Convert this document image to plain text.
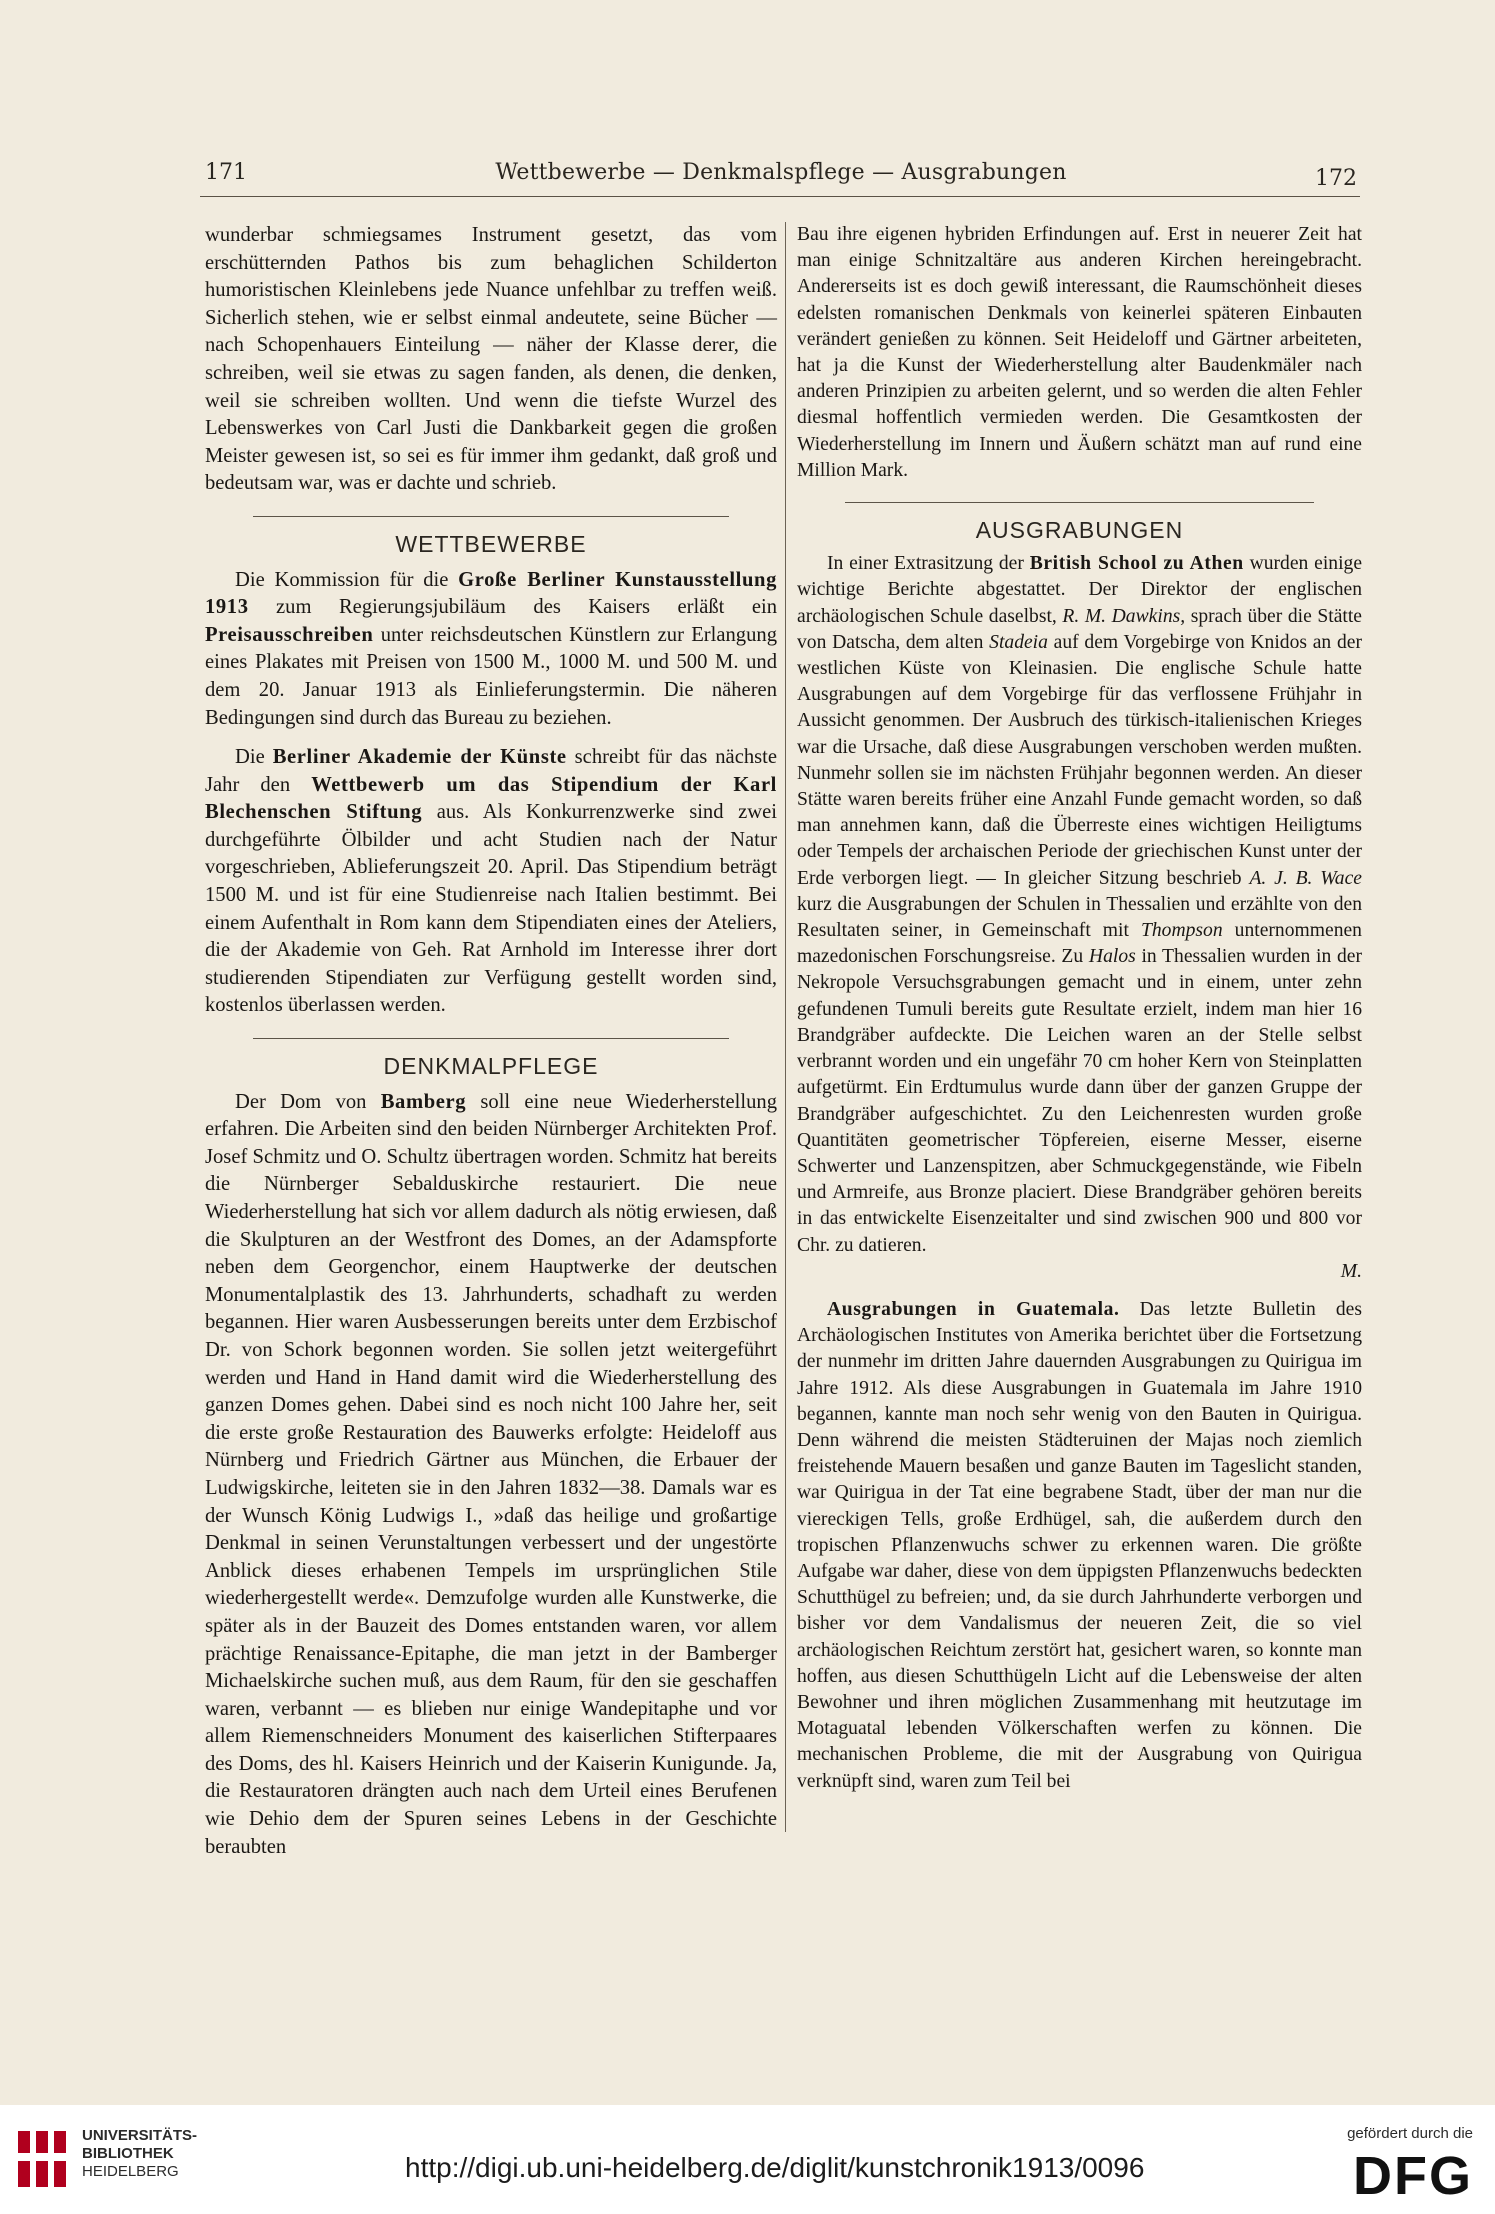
171	Wettbewerbe — Denkmalspflege — Ausgrabungen	172

wunderbar schmiegsames Instrument gesetzt, das vom erschütternden Pathos bis zum behaglichen Schilderton humoristischen Kleinlebens jede Nuance unfehlbar zu treffen weiß. Sicherlich stehen, wie er selbst einmal andeutete, seine Bücher — nach Schopenhauers Einteilung — näher der Klasse derer, die schreiben, weil sie etwas zu sagen fanden, als denen, die denken, weil sie schreiben wollten. Und wenn die tiefste Wurzel des Lebenswerkes von Carl Justi die Dankbarkeit gegen die großen Meister gewesen ist, so sei es für immer ihm gedankt, daß groß und bedeutsam war, was er dachte und schrieb.

WETTBEWERBE

Die Kommission für die Große Berliner Kunstausstellung 1913 zum Regierungsjubiläum des Kaisers erläßt ein Preisausschreiben unter reichsdeutschen Künstlern zur Erlangung eines Plakates mit Preisen von 1500 M., 1000 M. und 500 M. und dem 20. Januar 1913 als Einlieferungstermin. Die näheren Bedingungen sind durch das Bureau zu beziehen.

Die Berliner Akademie der Künste schreibt für das nächste Jahr den Wettbewerb um das Stipendium der Karl Blechenschen Stiftung aus. Als Konkurrenzwerke sind zwei durchgeführte Ölbilder und acht Studien nach der Natur vorgeschrieben, Ablieferungszeit 20. April. Das Stipendium beträgt 1500 M. und ist für eine Studienreise nach Italien bestimmt. Bei einem Aufenthalt in Rom kann dem Stipendiaten eines der Ateliers, die der Akademie von Geh. Rat Arnhold im Interesse ihrer dort studierenden Stipendiaten zur Verfügung gestellt worden sind, kostenlos überlassen werden.

DENKMALPFLEGE

Der Dom von Bamberg soll eine neue Wiederherstellung erfahren. Die Arbeiten sind den beiden Nürnberger Architekten Prof. Josef Schmitz und O. Schultz übertragen worden. Schmitz hat bereits die Nürnberger Sebalduskirche restauriert. Die neue Wiederherstellung hat sich vor allem dadurch als nötig erwiesen, daß die Skulpturen an der Westfront des Domes, an der Adamspforte neben dem Georgenchor, einem Hauptwerke der deutschen Monumentalplastik des 13. Jahrhunderts, schadhaft zu werden begannen. Hier waren Ausbesserungen bereits unter dem Erzbischof Dr. von Schork begonnen worden. Sie sollen jetzt weitergeführt werden und Hand in Hand damit wird die Wiederherstellung des ganzen Domes gehen. Dabei sind es noch nicht 100 Jahre her, seit die erste große Restauration des Bauwerks erfolgte: Heideloff aus Nürnberg und Friedrich Gärtner aus München, die Erbauer der Ludwigskirche, leiteten sie in den Jahren 1832—38. Damals war es der Wunsch König Ludwigs I., »daß das heilige und großartige Denkmal in seinen Verunstaltungen verbessert und der ungestörte Anblick dieses erhabenen Tempels im ursprünglichen Stile wiederhergestellt werde«. Demzufolge wurden alle Kunstwerke, die später als in der Bauzeit des Domes entstanden waren, vor allem prächtige Renaissance-Epitaphe, die man jetzt in der Bamberger Michaelskirche suchen muß, aus dem Raum, für den sie geschaffen waren, verbannt — es blieben nur einige Wandepitaphe und vor allem Riemenschneiders Monument des kaiserlichen Stifterpaares des Doms, des hl. Kaisers Heinrich und der Kaiserin Kunigunde. Ja, die Restauratoren drängten auch nach dem Urteil eines Berufenen wie Dehio dem der Spuren seines Lebens in der Geschichte beraubten

Bau ihre eigenen hybriden Erfindungen auf. Erst in neuerer Zeit hat man einige Schnitzaltäre aus anderen Kirchen hereingebracht. Andererseits ist es doch gewiß interessant, die Raumschönheit dieses edelsten romanischen Denkmals von keinerlei späteren Einbauten verändert genießen zu können. Seit Heideloff und Gärtner arbeiteten, hat ja die Kunst der Wiederherstellung alter Baudenkmäler nach anderen Prinzipien zu arbeiten gelernt, und so werden die alten Fehler diesmal hoffentlich vermieden werden. Die Gesamtkosten der Wiederherstellung im Innern und Äußern schätzt man auf rund eine Million Mark.

AUSGRABUNGEN

In einer Extrasitzung der British School zu Athen wurden einige wichtige Berichte abgestattet. Der Direktor der englischen archäologischen Schule daselbst, R. M. Dawkins, sprach über die Stätte von Datscha, dem alten Stadeia auf dem Vorgebirge von Knidos an der westlichen Küste von Kleinasien. Die englische Schule hatte Ausgrabungen auf dem Vorgebirge für das verflossene Frühjahr in Aussicht genommen. Der Ausbruch des türkisch-italienischen Krieges war die Ursache, daß diese Ausgrabungen verschoben werden mußten. Nunmehr sollen sie im nächsten Frühjahr begonnen werden. An dieser Stätte waren bereits früher eine Anzahl Funde gemacht worden, so daß man annehmen kann, daß die Überreste eines wichtigen Heiligtums oder Tempels der archaischen Periode der griechischen Kunst unter der Erde verborgen liegt. — In gleicher Sitzung beschrieb A. J. B. Wace kurz die Ausgrabungen der Schulen in Thessalien und erzählte von den Resultaten seiner, in Gemeinschaft mit Thompson unternommenen mazedonischen Forschungsreise. Zu Halos in Thessalien wurden in der Nekropole Versuchsgrabungen gemacht und in einem, unter zehn gefundenen Tumuli bereits gute Resultate erzielt, indem man hier 16 Brandgräber aufdeckte. Die Leichen waren an der Stelle selbst verbrannt worden und ein ungefähr 70 cm hoher Kern von Steinplatten aufgetürmt. Ein Erdtumulus wurde dann über der ganzen Gruppe der Brandgräber aufgeschichtet. Zu den Leichenresten wurden große Quantitäten geometrischer Töpfereien, eiserne Messer, eiserne Schwerter und Lanzenspitzen, aber Schmuckgegenstände, wie Fibeln und Armreife, aus Bronze placiert. Diese Brandgräber gehören bereits in das entwickelte Eisenzeitalter und sind zwischen 900 und 800 vor Chr. zu datieren.

M.

Ausgrabungen in Guatemala. Das letzte Bulletin des Archäologischen Institutes von Amerika berichtet über die Fortsetzung der nunmehr im dritten Jahre dauernden Ausgrabungen zu Quirigua im Jahre 1912. Als diese Ausgrabungen in Guatemala im Jahre 1910 begannen, kannte man noch sehr wenig von den Bauten in Quirigua. Denn während die meisten Städteruinen der Majas noch ziemlich freistehende Mauern besaßen und ganze Bauten im Tageslicht standen, war Quirigua in der Tat eine begrabene Stadt, über der man nur die viereckigen Tells, große Erdhügel, sah, die außerdem durch den tropischen Pflanzenwuchs schwer zu erkennen waren. Die größte Aufgabe war daher, diese von dem üppigsten Pflanzenwuchs bedeckten Schutthügel zu befreien; und, da sie durch Jahrhunderte verborgen und bisher vor dem Vandalismus der neueren Zeit, die so viel archäologischen Reichtum zerstört hat, gesichert waren, so konnte man hoffen, aus diesen Schutthügeln Licht auf die Lebensweise der alten Bewohner und ihren möglichen Zusammenhang mit heutzutage im Motaguatal lebenden Völkerschaften werfen zu können. Die mechanischen Probleme, die mit der Ausgrabung von Quirigua verknüpft sind, waren zum Teil bei

UNIVERSITÄTS-
BIBLIOTHEK
HEIDELBERG	http://digi.ub.uni-heidelberg.de/diglit/kunstchronik1913/0096
gefördert durch die
DFG
